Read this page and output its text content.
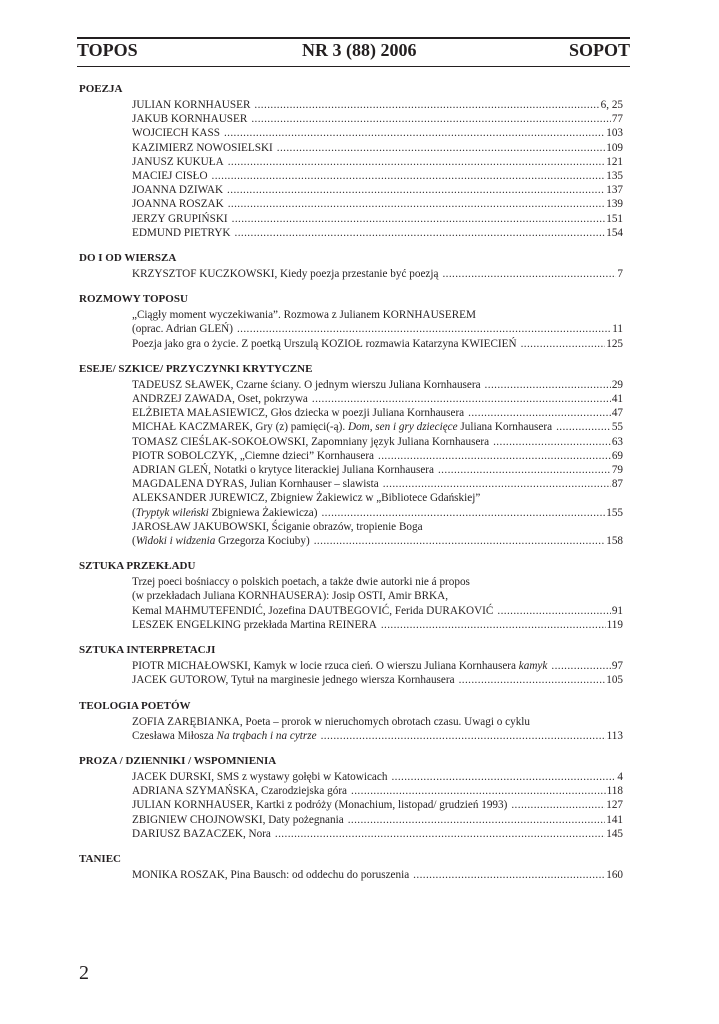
TOPOS	NR 3 (88) 2006	SOPOT
POEZJA
JULIAN KORNHAUSER .....	6, 25
JAKUB KORNHAUSER .....	77
WOJCIECH KASS .....	103
KAZIMIERZ NOWOSIELSKI .....	109
JANUSZ KUKUŁA .....	121
MACIEJ CISŁO .....	135
JOANNA DZIWAK .....	137
JOANNA ROSZAK .....	139
JERZY GRUPIŃSKI .....	151
EDMUND PIETRYK .....	154
DO I OD WIERSZA
KRZYSZTOF KUCZKOWSKI, Kiedy poezja przestanie być poezją .....	7
ROZMOWY TOPOSU
„Ciągły moment wyczekiwania”. Rozmowa z Julianem KORNHAUSEREM
(oprac. Adrian GLEŃ) .....	11
Poezja jako gra o życie. Z poetką Urszulą KOZIOŁ rozmawia Katarzyna KWIECIEŃ .....	125
ESEJE/ SZKICE/ PRZYCZYNKI KRYTYCZNE
TADEUSZ SŁAWEK, Czarne ściany. O jednym wierszu Juliana Kornhausera .....	29
ANDRZEJ ZAWADA, Oset, pokrzywa .....	41
ELŻBIETA MAŁASIEWICZ, Głos dziecka w poezji Juliana Kornhausera .....	47
MICHAŁ KACZMAREK, Gry (z) pamięci(-ą). Dom, sen i gry dziecięce Juliana Kornhausera .....	55
TOMASZ CIEŚLAK-SOKOŁOWSKI, Zapomniany język Juliana Kornhausera .....	63
PIOTR SOBOLCZYK, „Ciemne dzieci” Kornhausera .....	69
ADRIAN GLEŃ, Notatki o krytyce literackiej Juliana Kornhausera .....	79
MAGDALENA DYRAS, Julian Kornhauser – slawista .....	87
ALEKSANDER JUREWICZ, Zbigniew Żakiewicz w „Bibliotece Gdańskiej”
(Tryptyk wileński Zbigniewa Żakiewicza) .....	155
JAROSŁAW JAKUBOWSKI, Ściganie obrazów, tropienie Boga
(Widoki i widzenia Grzegorza Kociuby) .....	158
SZTUKA PRZEKŁADU
Trzej poeci bośniaccy o polskich poetach, a także dwie autorki nie á propos
(w przekładach Juliana KORNHAUSERA): Josip OSTI, Amir BRKA,
Kemal MAHMUTEFENDIĆ, Jozefina DAUTBEGOVIĆ, Ferida DURAKOVIĆ .....	91
LESZEK ENGELKING przekłada Martina REINERA .....	119
SZTUKA INTERPRETACJI
PIOTR MICHAŁOWSKI, Kamyk w locie rzuca cień. O wierszu Juliana Kornhausera kamyk .....	97
JACEK GUTOROW, Tytuł na marginesie jednego wiersza Kornhausera .....	105
TEOLOGIA POETÓW
ZOFIA ZARĘBIANKA, Poeta – prorok w nieruchomych obrotach czasu. Uwagi o cyklu
Czesława Miłosza Na trąbach i na cytrze .....	113
PROZA / DZIENNIKI / WSPOMNIENIA
JACEK DURSKI, SMS z wystawy gołębi w Katowicach .....	4
ADRIANA SZYMAŃSKA, Czarodziejska góra .....	118
JULIAN KORNHAUSER, Kartki z podróży (Monachium, listopad/ grudzień 1993) .....	127
ZBIGNIEW CHOJNOWSKI, Daty pożegnania .....	141
DARIUSZ BAZACZEK, Nora .....	145
TANIEC
MONIKA ROSZAK, Pina Bausch: od oddechu do poruszenia .....	160
2
